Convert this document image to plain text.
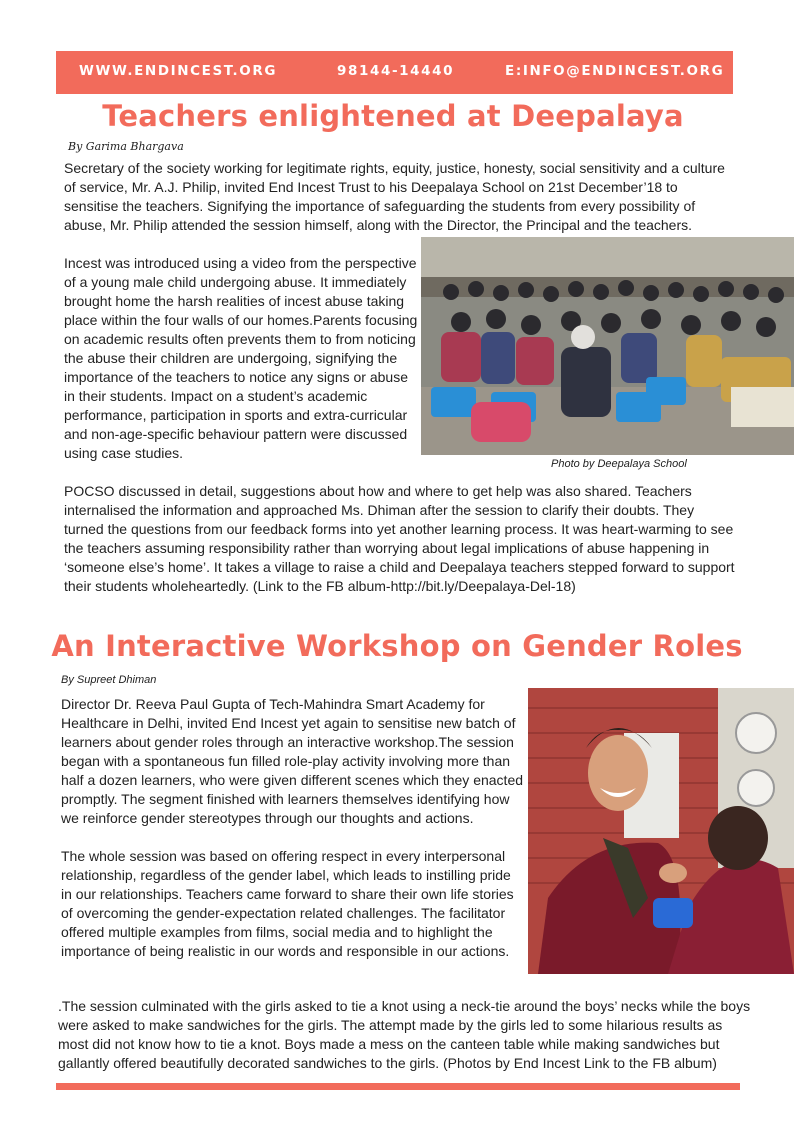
WWW.ENDINCEST.ORG	98144-14440	E:INFO@ENDINCEST.ORG
Teachers enlightened at Deepalaya
By Garima Bhargava

Secretary of the society working for legitimate rights, equity, justice, honesty, social sensitivity and a culture of service, Mr. A.J. Philip, invited End Incest Trust to his Deepalaya School on 21st December’18 to sensitise the teachers. Signifying the importance of safeguarding the students from every possibility of abuse, Mr. Philip attended the session himself, along with the Director, the Principal and the teachers.

Incest was introduced using a video from the perspective of a young male child undergoing abuse. It immediately brought home the harsh realities of incest abuse taking place within the four walls of our homes.Parents focusing on academic results often prevents them to from noticing the abuse their children are undergoing, signifying the importance of the teachers to notice any signs or abuse in their students. Impact on a student’s academic performance, participation in sports and extra-curricular and non-age-specific behaviour pattern were discussed using case studies.

Photo by Deepalaya School

POCSO discussed in detail, suggestions about how and where to get help was also shared. Teachers internalised the information and approached Ms. Dhiman after the session to clarify their doubts. They turned the questions from our feedback forms into yet another learning process. It was heart-warming to see the teachers assuming responsibility rather than worrying about legal implications of abuse happening in ‘someone else’s home’. It takes a village to raise a child and Deepalaya teachers stepped forward to support their students wholeheartedly. (Link to the FB album-http://bit.ly/Deepalaya-Del-18)

An Interactive Workshop on Gender Roles
By Supreet Dhiman

Director Dr. Reeva Paul Gupta of Tech-Mahindra Smart Academy for Healthcare in Delhi, invited End Incest yet again to sensitise new batch of learners about gender roles through an interactive workshop.The session began with a spontaneous fun filled role-play activity involving more than half a dozen learners, who were given different scenes which they enacted promptly. The segment finished with learners themselves identifying how we reinforce gender stereotypes through our thoughts and actions.

The whole session was based on offering respect in every interpersonal relationship, regardless of the gender label, which leads to instilling pride in our relationships. Teachers came forward to share their own life stories of overcoming the gender-expectation related challenges. The facilitator offered multiple examples from films, social media and to highlight the importance of being realistic in our words and responsible in our actions.

.The session culminated with the girls asked to tie a knot using a neck-tie around the boys’ necks while the boys were asked to make sandwiches for the girls. The attempt made by the girls led to some hilarious results as most did not know how to tie a knot. Boys made a mess on the canteen table while making sandwiches but gallantly offered beautifully decorated sandwiches to the girls. (Photos by End Incest Link to the FB album)
